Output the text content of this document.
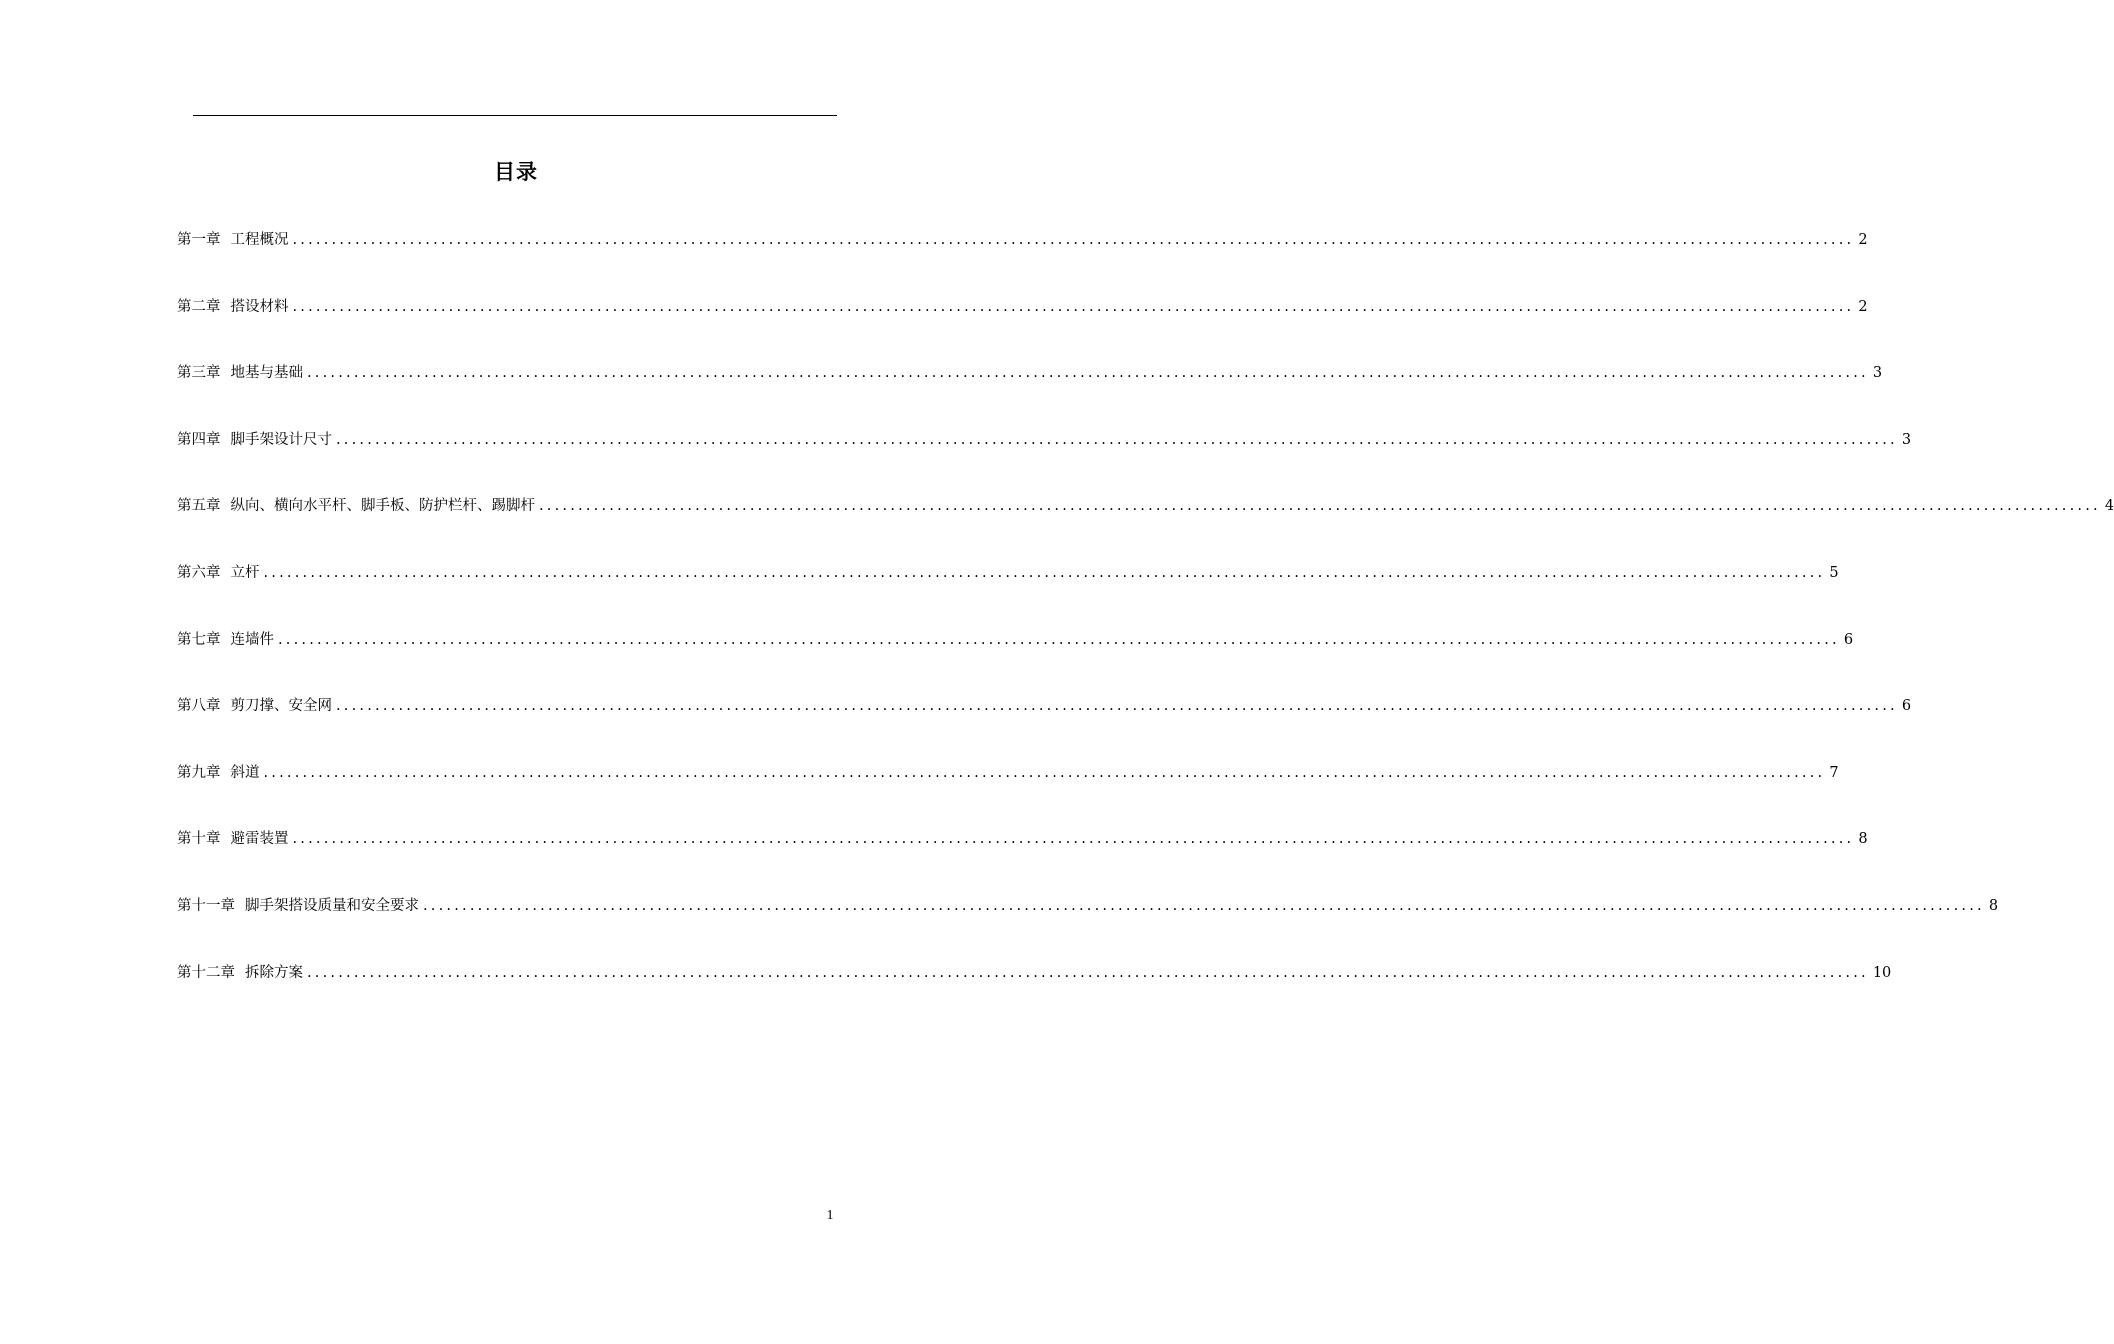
目录
第一章 工程概况 ........................................................................................................................................................................................................ 2
第二章 搭设材料 ........................................................................................................................................................................................................ 2
第三章 地基与基础 ........................................................................................................................................................................................................ 3
第四章 脚手架设计尺寸 ........................................................................................................................................................................................................ 3
第五章 纵向、横向水平杆、脚手板、防护栏杆、踢脚杆 ........................................................................................................................................................................................................ 4
第六章 立杆 ........................................................................................................................................................................................................ 5
第七章 连墙件 ........................................................................................................................................................................................................ 6
第八章 剪刀撑、安全网 ........................................................................................................................................................................................................ 6
第九章 斜道 ........................................................................................................................................................................................................ 7
第十章 避雷装置 ........................................................................................................................................................................................................ 8
第十一章 脚手架搭设质量和安全要求 ........................................................................................................................................................................................................ 8
第十二章 拆除方案 ........................................................................................................................................................................................................ 10
1
